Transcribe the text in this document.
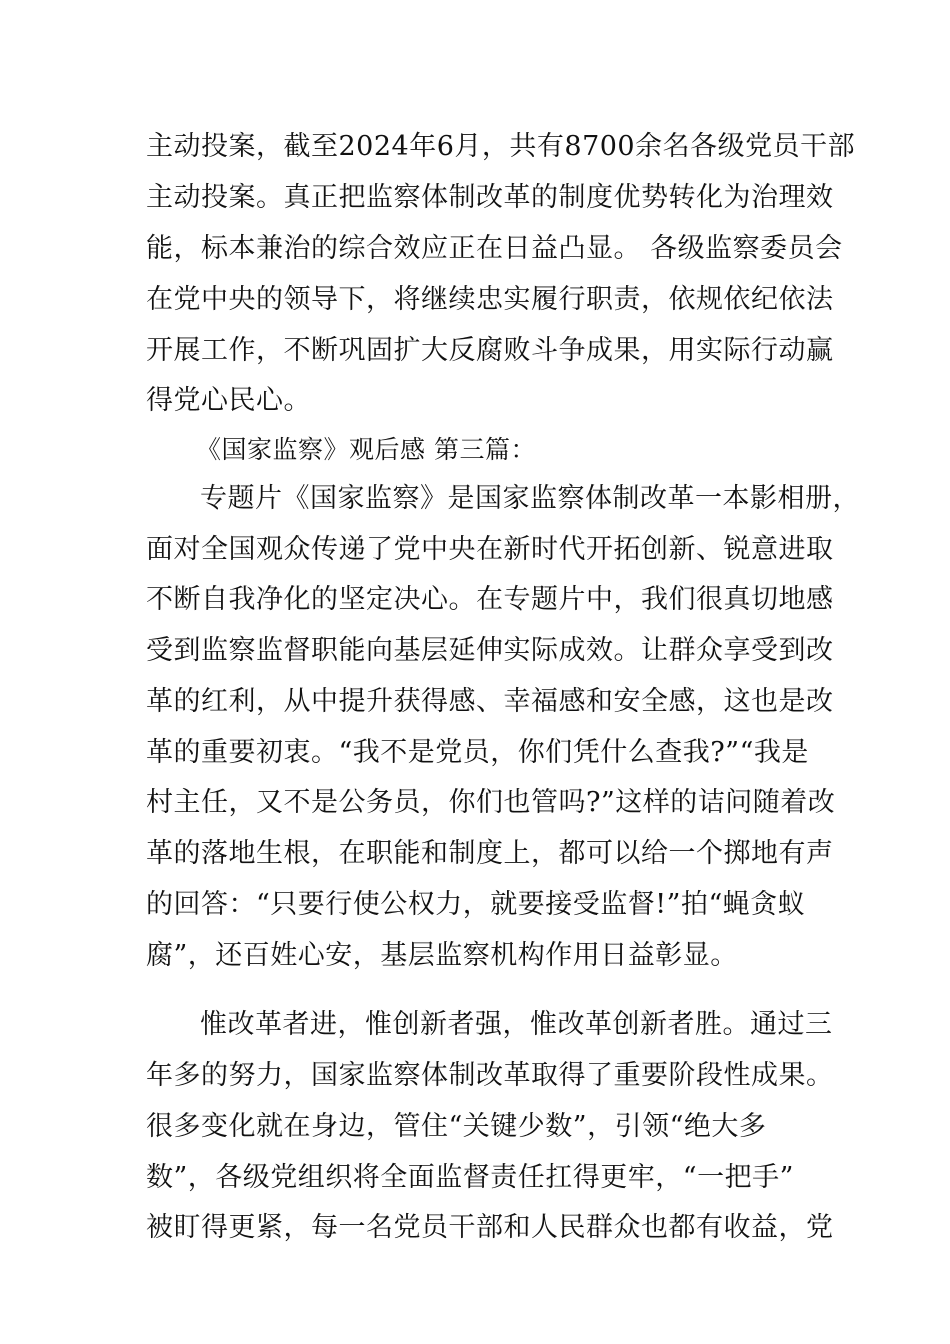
主动投案，截至2024年6月，共有8700余名各级党员干部
主动投案。真正把监察体制改革的制度优势转化为治理效
能，标本兼治的综合效应正在日益凸显。 各级监察委员会
在党中央的领导下，将继续忠实履行职责，依规依纪依法
开展工作，不断巩固扩大反腐败斗争成果，用实际行动赢
得党心民心。
《国家监察》观后感 第三篇：
专题片《国家监察》是国家监察体制改革一本影相册，
面对全国观众传递了党中央在新时代开拓创新、锐意进取
不断自我净化的坚定决心。在专题片中，我们很真切地感
受到监察监督职能向基层延伸实际成效。让群众享受到改
革的红利，从中提升获得感、幸福感和安全感，这也是改
革的重要初衷。“我不是党员，你们凭什么查我?”“我是
村主任，又不是公务员，你们也管吗?”这样的诘问随着改
革的落地生根，在职能和制度上，都可以给一个掷地有声
的回答：“只要行使公权力，就要接受监督!”拍“蝇贪蚁
腐”，还百姓心安，基层监察机构作用日益彰显。
惟改革者进，惟创新者强，惟改革创新者胜。通过三
年多的努力，国家监察体制改革取得了重要阶段性成果。
很多变化就在身边，管住“关键少数”，引领“绝大多
数”，各级党组织将全面监督责任扛得更牢，“一把手”
被盯得更紧，每一名党员干部和人民群众也都有收益，党
